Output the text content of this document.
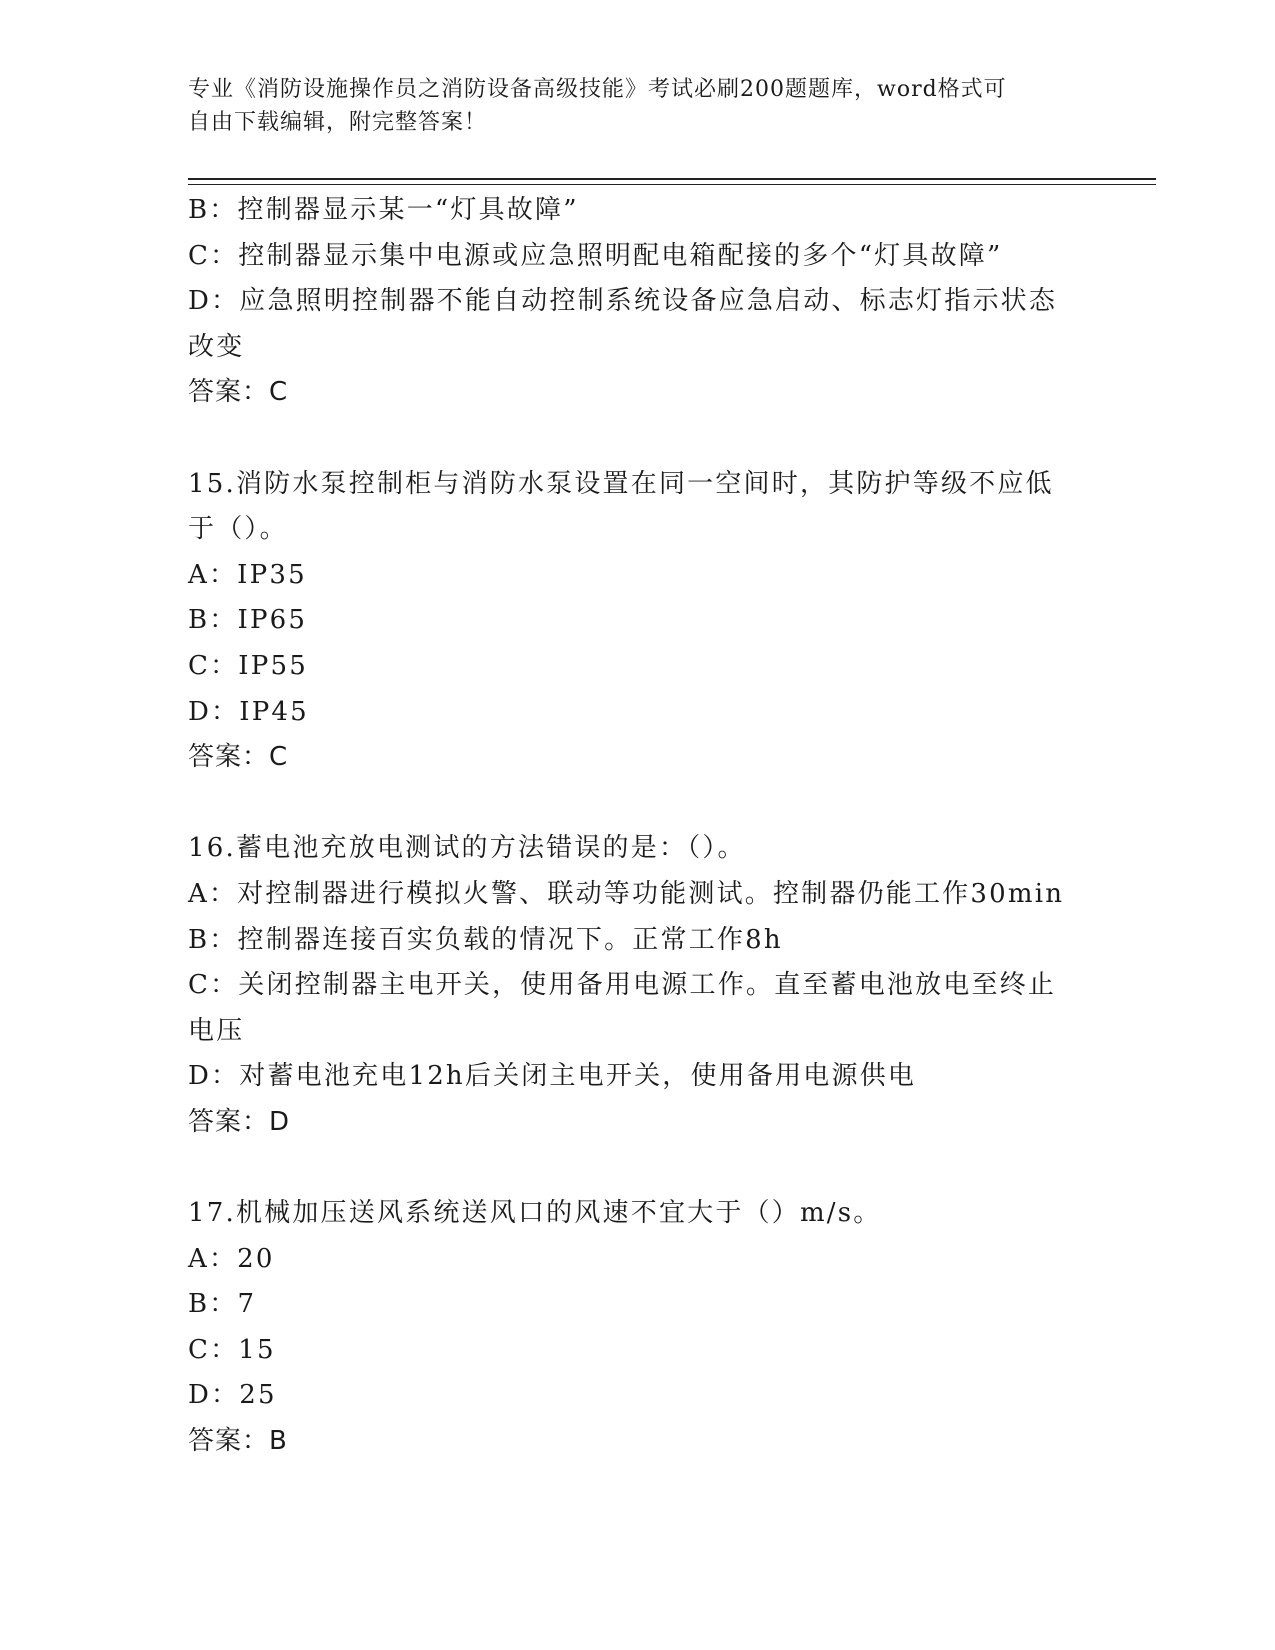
专业《消防设施操作员之消防设备高级技能》考试必刷200题题库，word格式可
自由下载编辑，附完整答案！
B：控制器显示某一“灯具故障”
C：控制器显示集中电源或应急照明配电箱配接的多个“灯具故障”
D：应急照明控制器不能自动控制系统设备应急启动、标志灯指示状态
改变
答案：C
15.消防水泵控制柜与消防水泵设置在同一空间时，其防护等级不应低
于（）。
A：IP35
B：IP65
C：IP55
D：IP45
答案：C
16.蓄电池充放电测试的方法错误的是：（）。
A：对控制器进行模拟火警、联动等功能测试。控制器仍能工作30min
B：控制器连接百实负载的情况下。正常工作8h
C：关闭控制器主电开关，使用备用电源工作。直至蓄电池放电至终止
电压
D：对蓄电池充电12h后关闭主电开关，使用备用电源供电
答案：D
17.机械加压送风系统送风口的风速不宜大于（）m/s。
A：20
B：7
C：15
D：25
答案：B
